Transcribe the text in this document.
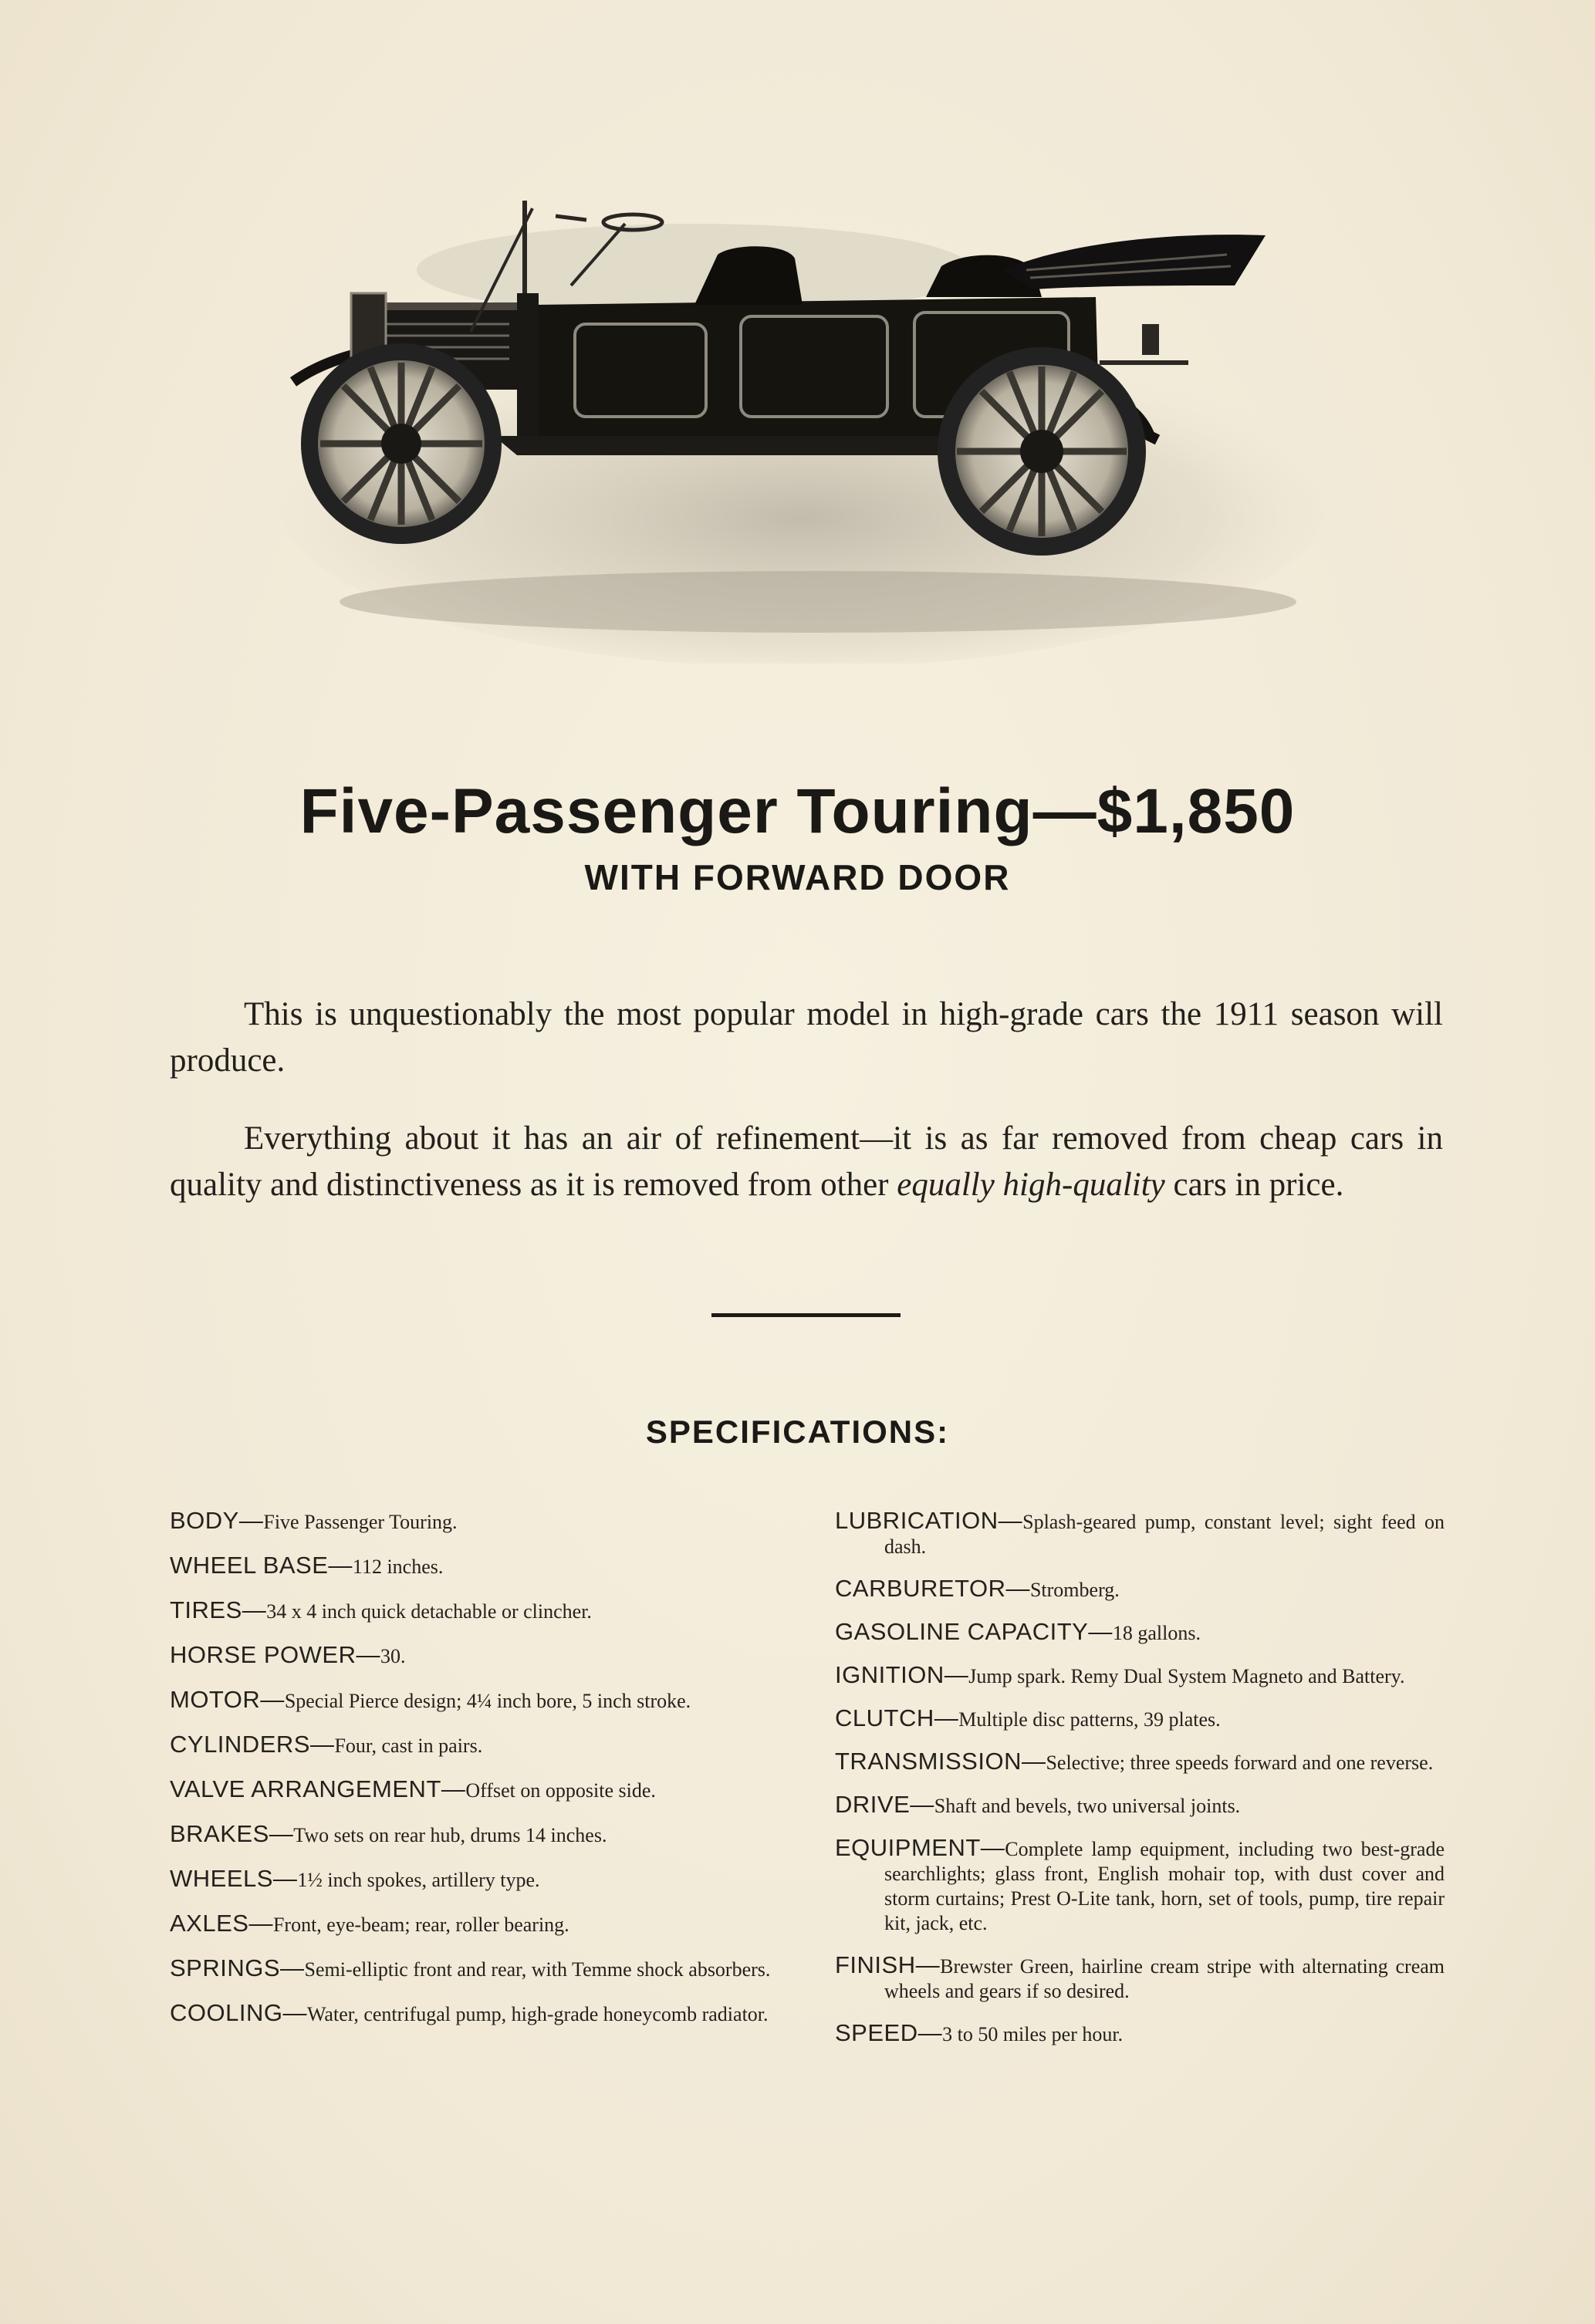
Five-Passenger Touring—$1,850
WITH FORWARD DOOR

This is unquestionably the most popular model in high-grade cars the 1911 season will produce.

Everything about it has an air of refinement—it is as far removed from cheap cars in quality and distinctiveness as it is removed from other equally high-quality cars in price.

SPECIFICATIONS:

BODY—Five Passenger Touring.

WHEEL BASE—112 inches.

TIRES—34 x 4 inch quick detachable or clincher.

HORSE POWER—30.

MOTOR—Special Pierce design; 4¼ inch bore, 5 inch stroke.

CYLINDERS—Four, cast in pairs.

VALVE ARRANGEMENT—Offset on opposite side.

BRAKES—Two sets on rear hub, drums 14 inches.

WHEELS—1½ inch spokes, artillery type.

AXLES—Front, eye-beam; rear, roller bearing.

SPRINGS—Semi-elliptic front and rear, with Temme shock absorbers.

COOLING—Water, centrifugal pump, high-grade honeycomb radiator.

LUBRICATION—Splash-geared pump, constant level; sight feed on dash.

CARBURETOR—Stromberg.

GASOLINE CAPACITY—18 gallons.

IGNITION—Jump spark. Remy Dual System Magneto and Battery.

CLUTCH—Multiple disc patterns, 39 plates.

TRANSMISSION—Selective; three speeds forward and one reverse.

DRIVE—Shaft and bevels, two universal joints.

EQUIPMENT—Complete lamp equipment, including two best-grade searchlights; glass front, English mohair top, with dust cover and storm curtains; Prest O-Lite tank, horn, set of tools, pump, tire repair kit, jack, etc.

FINISH—Brewster Green, hairline cream stripe with alternating cream wheels and gears if so desired.

SPEED—3 to 50 miles per hour.
